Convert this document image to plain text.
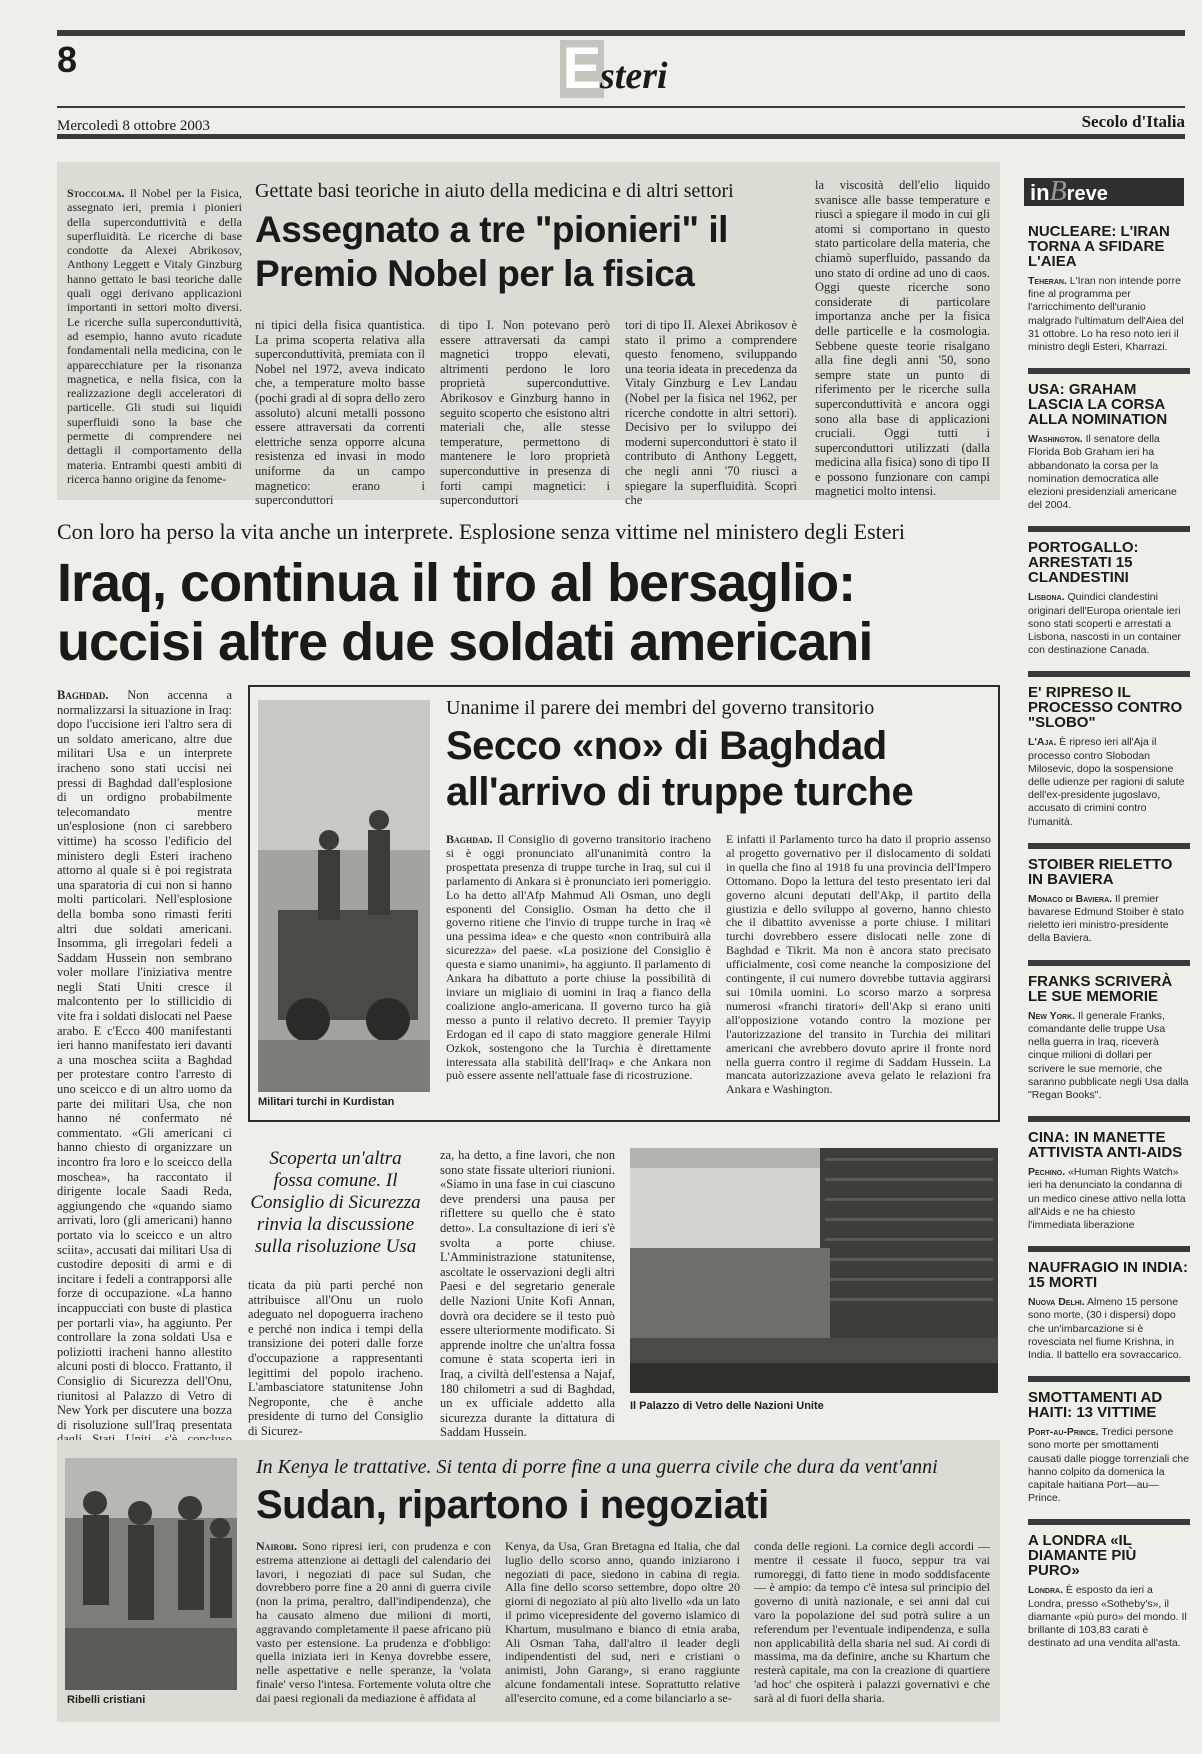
8	E
steri
Mercoledì 8 ottobre 2003	Secolo d'Italia
Stoccolma. Il Nobel per la Fisica, assegnato ieri, premia i pionieri della superconduttività e della superfluidità. Le ricerche di base condotte da Alexei Abrikosov, Anthony Leggett e Vitaly Ginzburg hanno gettato le basi teoriche dalle quali oggi derivano applicazioni importanti in settori molto diversi. Le ricerche sulla superconduttività, ad esempio, hanno avuto ricadute fondamentali nella medicina, con le apparecchiature per la risonanza magnetica, e nella fisica, con la realizzazione degli acceleratori di particelle. Gli studi sui liquidi superfluidi sono la base che permette di comprendere nei dettagli il comportamento della materia. Entrambi questi ambiti di ricerca hanno origine da fenome-
Gettate basi teoriche in aiuto della medicina e di altri settori
Assegnato a tre "pionieri" il Premio Nobel per la fisica
ni tipici della fisica quantistica. La prima scoperta relativa alla superconduttività, premiata con il Nobel nel 1972, aveva indicato che, a temperature molto basse (pochi gradi al di sopra dello zero assoluto) alcuni metalli possono essere attraversati da correnti elettriche senza opporre alcuna resistenza ed invasi in modo uniforme da un campo magnetico: erano i superconduttori
di tipo I. Non potevano però essere attraversati da campi magnetici troppo elevati, altrimenti perdono le loro proprietà superconduttive. Abrikosov e Ginzburg hanno in seguito scoperto che esistono altri materiali che, alle stesse temperature, permettono di mantenere le loro proprietà superconduttive in presenza di forti campi magnetici: i superconduttori
tori di tipo II. Alexei Abrikosov è stato il primo a comprendere questo fenomeno, sviluppando una teoria ideata in precedenza da Vitaly Ginzburg e Lev Landau (Nobel per la fisica nel 1962, per ricerche condotte in altri settori). Decisivo per lo sviluppo dei moderni superconduttori è stato il contributo di Anthony Leggett, che negli anni '70 riuscì a spiegare la superfluidità. Scoprì che
la viscosità dell'elio liquido svanisce alle basse temperature e riuscì a spiegare il modo in cui gli atomi si comportano in questo stato particolare della materia, che chiamò superfluido, passando da uno stato di ordine ad uno di caos. Oggi queste ricerche sono considerate di particolare importanza anche per la fisica delle particelle e la cosmologia. Sebbene queste teorie risalgano alla fine degli anni '50, sono sempre state un punto di riferimento per le ricerche sulla superconduttività e ancora oggi sono alla base di applicazioni cruciali. Oggi tutti i superconduttori utilizzati (dalla medicina alla fisica) sono di tipo II e possono funzionare con campi magnetici molto intensi.
inBreve
NUCLEARE: L'IRAN TORNA A SFIDARE L'AIEA
Teheran. L'Iran non intende porre fine al programma per l'arricchimento dell'uranio malgrado l'ultimatum dell'Aiea del 31 ottobre. Lo ha reso noto ieri il ministro degli Esteri, Kharrazi.
USA: GRAHAM LASCIA LA CORSA ALLA NOMINATION
Washington. Il senatore della Florida Bob Graham ieri ha abbandonato la corsa per la nomination democratica alle elezioni presidenziali americane del 2004.
PORTOGALLO: ARRESTATI 15 CLANDESTINI
Lisbona. Quindici clandestini originari dell'Europa orientale ieri sono stati scoperti e arrestati a Lisbona, nascosti in un container con destinazione Canada.
E' RIPRESO IL PROCESSO CONTRO "SLOBO"
L'Aja. È ripreso ieri all'Aja il processo contro Slobodan Milosevic, dopo la sospensione delle udienze per ragioni di salute dell'ex-presidente jugoslavo, accusato di crimini contro l'umanità.
STOIBER RIELETTO IN BAVIERA
Monaco di Baviera. Il premier bavarese Edmund Stoiber è stato rieletto ieri ministro-presidente della Baviera.
FRANKS SCRIVERÀ LE SUE MEMORIE
New York. Il generale Franks, comandante delle truppe Usa nella guerra in Iraq, riceverà cinque milioni di dollari per scrivere le sue memorie, che saranno pubblicate negli Usa dalla "Regan Books".
CINA: IN MANETTE ATTIVISTA ANTI-AIDS
Pechino. «Human Rights Watch» ieri ha denunciato la condanna di un medico cinese attivo nella lotta all'Aids e ne ha chiesto l'immediata liberazione
NAUFRAGIO IN INDIA: 15 MORTI
Nuova Delhi. Almeno 15 persone sono morte, (30 i dispersi) dopo che un'imbarcazione si è rovesciata nel fiume Krishna, in India. Il battello era sovraccarico.
SMOTTAMENTI AD HAITI: 13 VITTIME
Port-au-Prince. Tredici persone sono morte per smottamenti causati dalle piogge torrenziali che hanno colpito da domenica la capitale haitiana Port—au—Prince.
A LONDRA «IL DIAMANTE PIÙ PURO»
Londra. È esposto da ieri a Londra, presso «Sotheby's», il diamante «più puro» del mondo. Il brillante di 103,83 carati è destinato ad una vendita all'asta.
Con loro ha perso la vita anche un interprete. Esplosione senza vittime nel ministero degli Esteri
Iraq, continua il tiro al bersaglio:
uccisi altre due soldati americani
Baghdad. Non accenna a normalizzarsi la situazione in Iraq: dopo l'uccisione ieri l'altro sera di un soldato americano, altre due militari Usa e un interprete iracheno sono stati uccisi nei pressi di Baghdad dall'esplosione di un ordigno probabilmente telecomandato mentre un'esplosione (non ci sarebbero vittime) ha scosso l'edificio del ministero degli Esteri iracheno attorno al quale si è poi registrata una sparatoria di cui non si hanno molti particolari. Nell'esplosione della bomba sono rimasti feriti altri due soldati americani. Insomma, gli irregolari fedeli a Saddam Hussein non sembrano voler mollare l'iniziativa mentre negli Stati Uniti cresce il malcontento per lo stillicidio di vite fra i soldati dislocati nel Paese arabo. E c'Ecco 400 manifestanti ieri hanno manifestato ieri davanti a una moschea sciita a Baghdad per protestare contro l'arresto di uno sceicco e di un altro uomo da parte dei militari Usa, che non hanno né confermato né commentato. «Gli americani ci hanno chiesto di organizzare un incontro fra loro e lo sceicco della moschea», ha raccontato il dirigente locale Saadi Reda, aggiungendo che «quando siamo arrivati, loro (gli americani) hanno portato via lo sceicco e un altro sciita», accusati dai militari Usa di custodire depositi di armi e di incitare i fedeli a contrapporsi alle forze di occupazione. «La hanno incappucciati con buste di plastica per portarli via», ha aggiunto. Per controllare la zona soldati Usa e poliziotti iracheni hanno allestito alcuni posti di blocco. Frattanto, il Consiglio di Sicurezza dell'Onu, riunitosi al Palazzo di Vetro di New York per discutere una bozza di risoluzione sull'Iraq presentata
Militari turchi in Kurdistan
Unanime il parere dei membri del governo transitorio
Secco «no» di Baghdad
all'arrivo di truppe turche
Baghdad. Il Consiglio di governo transitorio iracheno si è oggi pronunciato all'unanimità contro la prospettata presenza di truppe turche in Iraq, sul cui il parlamento di Ankara si è pronunciato ieri pomeriggio. Lo ha detto all'Afp Mahmud Ali Osman, uno degli esponenti del Consiglio. Osman ha detto che il governo ritiene che l'invio di truppe turche in Iraq «è una pessima idea» e che questo «non contribuirà alla sicurezza» del paese. «La posizione del Consiglio è questa e siamo unanimi», ha aggiunto. Il parlamento di Ankara ha dibattuto a porte chiuse la possibilità di inviare un migliaio di uomini in Iraq a fianco della coalizione anglo-americana. Il governo turco ha già messo a punto il relativo decreto. Il premier Tayyip Erdogan ed il capo di stato maggiore generale Hilmi Ozkok, sostengono che la Turchia è direttamente interessata alla stabilità dell'Iraq» e che Ankara non può essere assente nell'attuale fase di ricostruzione.
E infatti il Parlamento turco ha dato il proprio assenso al progetto governativo per il dislocamento di soldati in quella che fino al 1918 fu una provincia dell'Impero Ottomano. Dopo la lettura del testo presentato ieri dal governo alcuni deputati dell'Akp, il partito della giustizia e dello sviluppo al governo, hanno chiesto che il dibattito avvenisse a porte chiuse. I militari turchi dovrebbero essere dislocati nelle zone di Baghdad e Tikrit. Ma non è ancora stato precisato ufficialmente, così come neanche la composizione del contingente, il cui numero dovrebbe tuttavia aggirarsi sui 10mila uomini. Lo scorso marzo a sorpresa numerosi «franchi tiratori» dell'Akp si erano uniti all'opposizione votando contro la mozione per l'autorizzazione del transito in Turchia dei militari americani che avrebbero dovuto aprire il fronte nord nella guerra contro il regime di Saddam Hussein. La mancata autorizzazione aveva gelato le relazioni fra Ankara e Washington.
Scoperta un'altra fossa comune. Il Consiglio di Sicurezza rinvia la discussione sulla risoluzione Usa
ticata da più parti perché non attribuisce all'Onu un ruolo adeguato nel dopoguerra iracheno e perché non indica i tempi della transizione dei poteri dalle forze d'occupazione a rappresentanti legittimi del popolo iracheno. L'ambasciatore statunitense John Negroponte, che è anche presidente di turno del Consiglio di Sicurez-
za, ha detto, a fine lavori, che non sono state fissate ulteriori riunioni. «Siamo in una fase in cui ciascuno deve prendersi una pausa per riflettere su quello che è stato detto». La consultazione di ieri s'è svolta a porte chiuse. L'Amministrazione statunitense, ascoltate le osservazioni degli altri Paesi e del segretario generale delle Nazioni Unite Kofi Annan, dovrà ora decidere se il testo può essere ulteriormente modificato. Si apprende inoltre che un'altra fossa comune è stata scoperta ieri in Iraq, a civiltà dell'estensa a Najaf, 180 chilometri a sud di Baghdad, un ex ufficiale addetto alla sicurezza durante la dittatura di Saddam Hussein.
Il Palazzo di Vetro delle Nazioni Unite
Ribelli cristiani
In Kenya le trattative. Si tenta di porre fine a una guerra civile che dura da vent'anni
Sudan, ripartono i negoziati
Nairobi. Sono ripresi ieri, con prudenza e con estrema attenzione ai dettagli del calendario dei lavori, i negoziati di pace sul Sudan, che dovrebbero porre fine a 20 anni di guerra civile (non la prima, peraltro, dall'indipendenza), che ha causato almeno due milioni di morti, aggravando completamente il paese africano più vasto per estensione. La prudenza e d'obbligo: quella iniziata ieri in Kenya dovrebbe essere, nelle aspettative e nelle speranze, la 'volata finale' verso l'intesa. Fortemente voluta oltre che dai paesi regionali da mediazione è affidata al
Kenya, da Usa, Gran Bretagna ed Italia, che dal luglio dello scorso anno, quando iniziarono i negoziati di pace, siedono in cabina di regia. Alla fine dello scorso settembre, dopo oltre 20 giorni di negoziato al più alto livello «da un lato il primo vicepresidente del governo islamico di Khartum, musulmano e bianco di etnia araba, Ali Osman Taha, dall'altro il leader degli indipendentisti del sud, neri e cristiani o animisti, John Garang», si erano raggiunte alcune fondamentali intese. Soprattutto relative all'esercito comune, ed a come bilanciarlo a se-
conda delle regioni. La cornice degli accordi — mentre il cessate il fuoco, seppur tra vai rumoreggi, di fatto tiene in modo soddisfacente — è ampio: da tempo c'è intesa sul principio del governo di unità nazionale, e sei anni dal cui varo la popolazione del sud potrà sulire a un referendum per l'eventuale indipendenza, e sulla non applicabilità della sharia nel sud. Ai cordi di massima, ma da definire, anche su Khartum che resterà capitale, ma con la creazione di quartiere 'ad hoc' che ospiterà i palazzi governativi e che sarà al di fuori della sharia.
